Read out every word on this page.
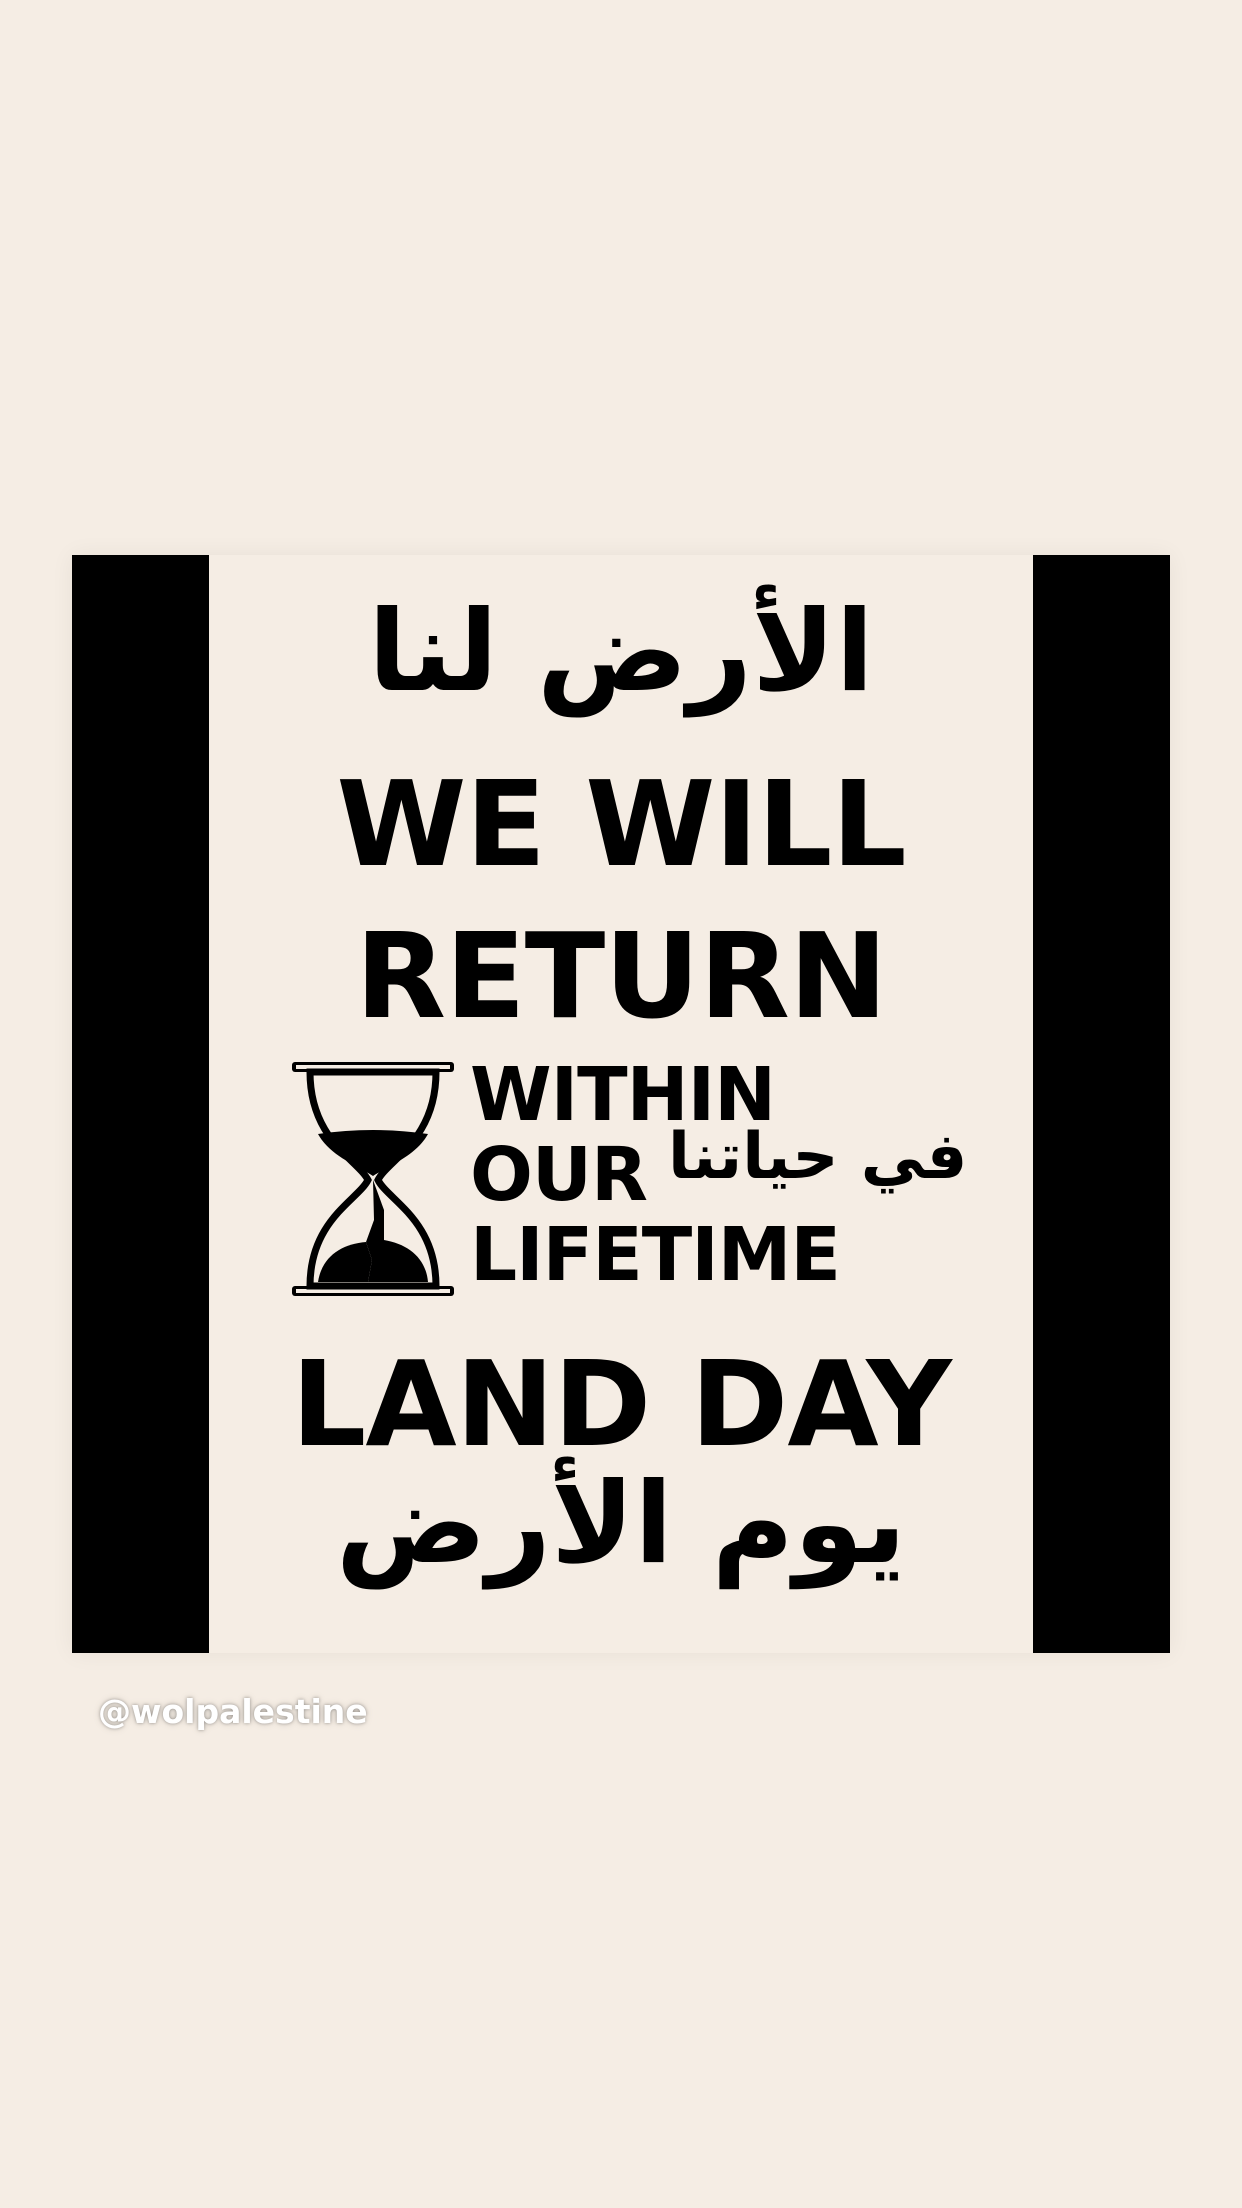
الأرض لنا
WE WILL
RETURN
LAND DAY
يوم الأرض
WITHIN
OUR
LIFETIME
في حياتنا
@wolpalestine
